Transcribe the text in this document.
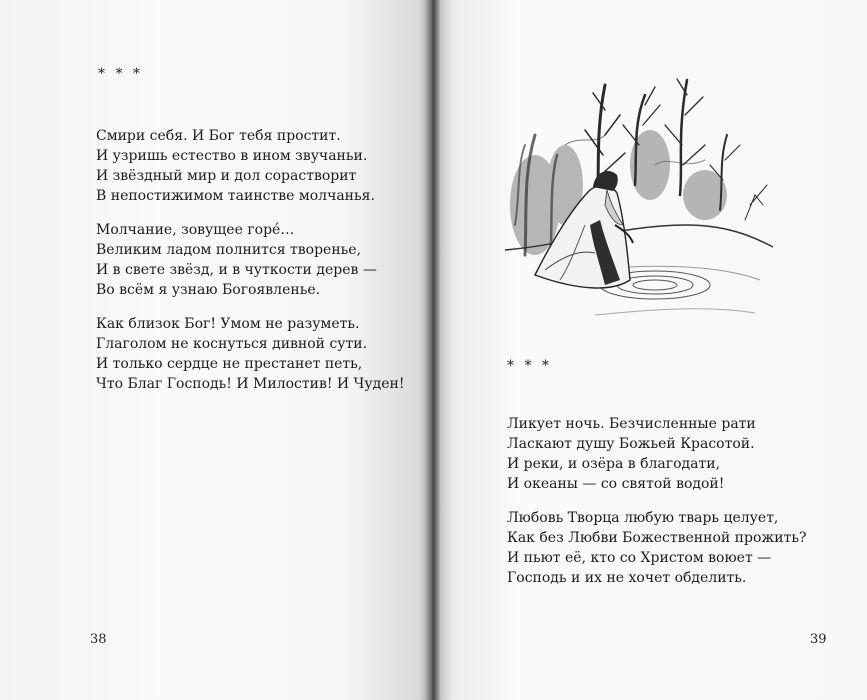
* * *
Смири себя. И Бог тебя простит.
И узришь естество в ином звучаньи.
И звёздный мир и дол сорастворит
В непостижимом таинстве молчанья.
Молчание, зовущее горé…
Великим ладом полнится творенье,
И в свете звёзд, и в чуткости дерев —
Во всём я узнаю Богоявленье.
Как близок Бог! Умом не разуметь.
Глаголом не коснуться дивной сути.
И только сердце не престанет петь,
Что Благ Господь! И Милостив! И Чуден!
38
* * *
Ликует ночь. Безчисленные рати
Ласкают душу Божьей Красотой.
И реки, и озёра в благодати,
И океаны — со святой водой!
Любовь Творца любую тварь целует,
Как без Любви Божественной прожить?
И пьют её, кто со Христом воюет —
Господь и их не хочет обделить.
39
